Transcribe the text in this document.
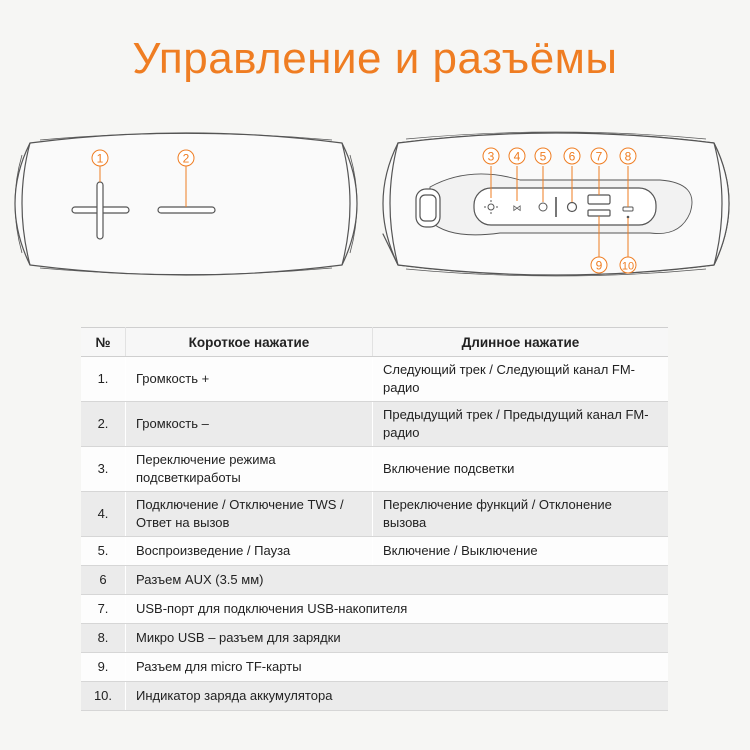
Управление и разъёмы
⋈
1	2	3 4 5 6 7 8
9 10
№	Короткое нажатие	Длинное нажатие
1.	Громкость +	Следующий трек / Следующий канал FM-радио
2.	Громкость –	Предыдущий трек / Предыдущий канал FM-радио
3.	Переключение режима подсветкиработы	Включение подсветки
4.	Подключение / Отключение TWS / Ответ на вызов	Переключение функций / Отклонение вызова
5.	Воспроизведение / Пауза	Включение / Выключение
6	Разъем AUX (3.5 мм)	
7.	USB-порт для подключения USB-накопителя	
8.	Микро USB – разъем для зарядки	
9.	Разъем для micro TF-карты	
10.	Индикатор заряда аккумулятора	
